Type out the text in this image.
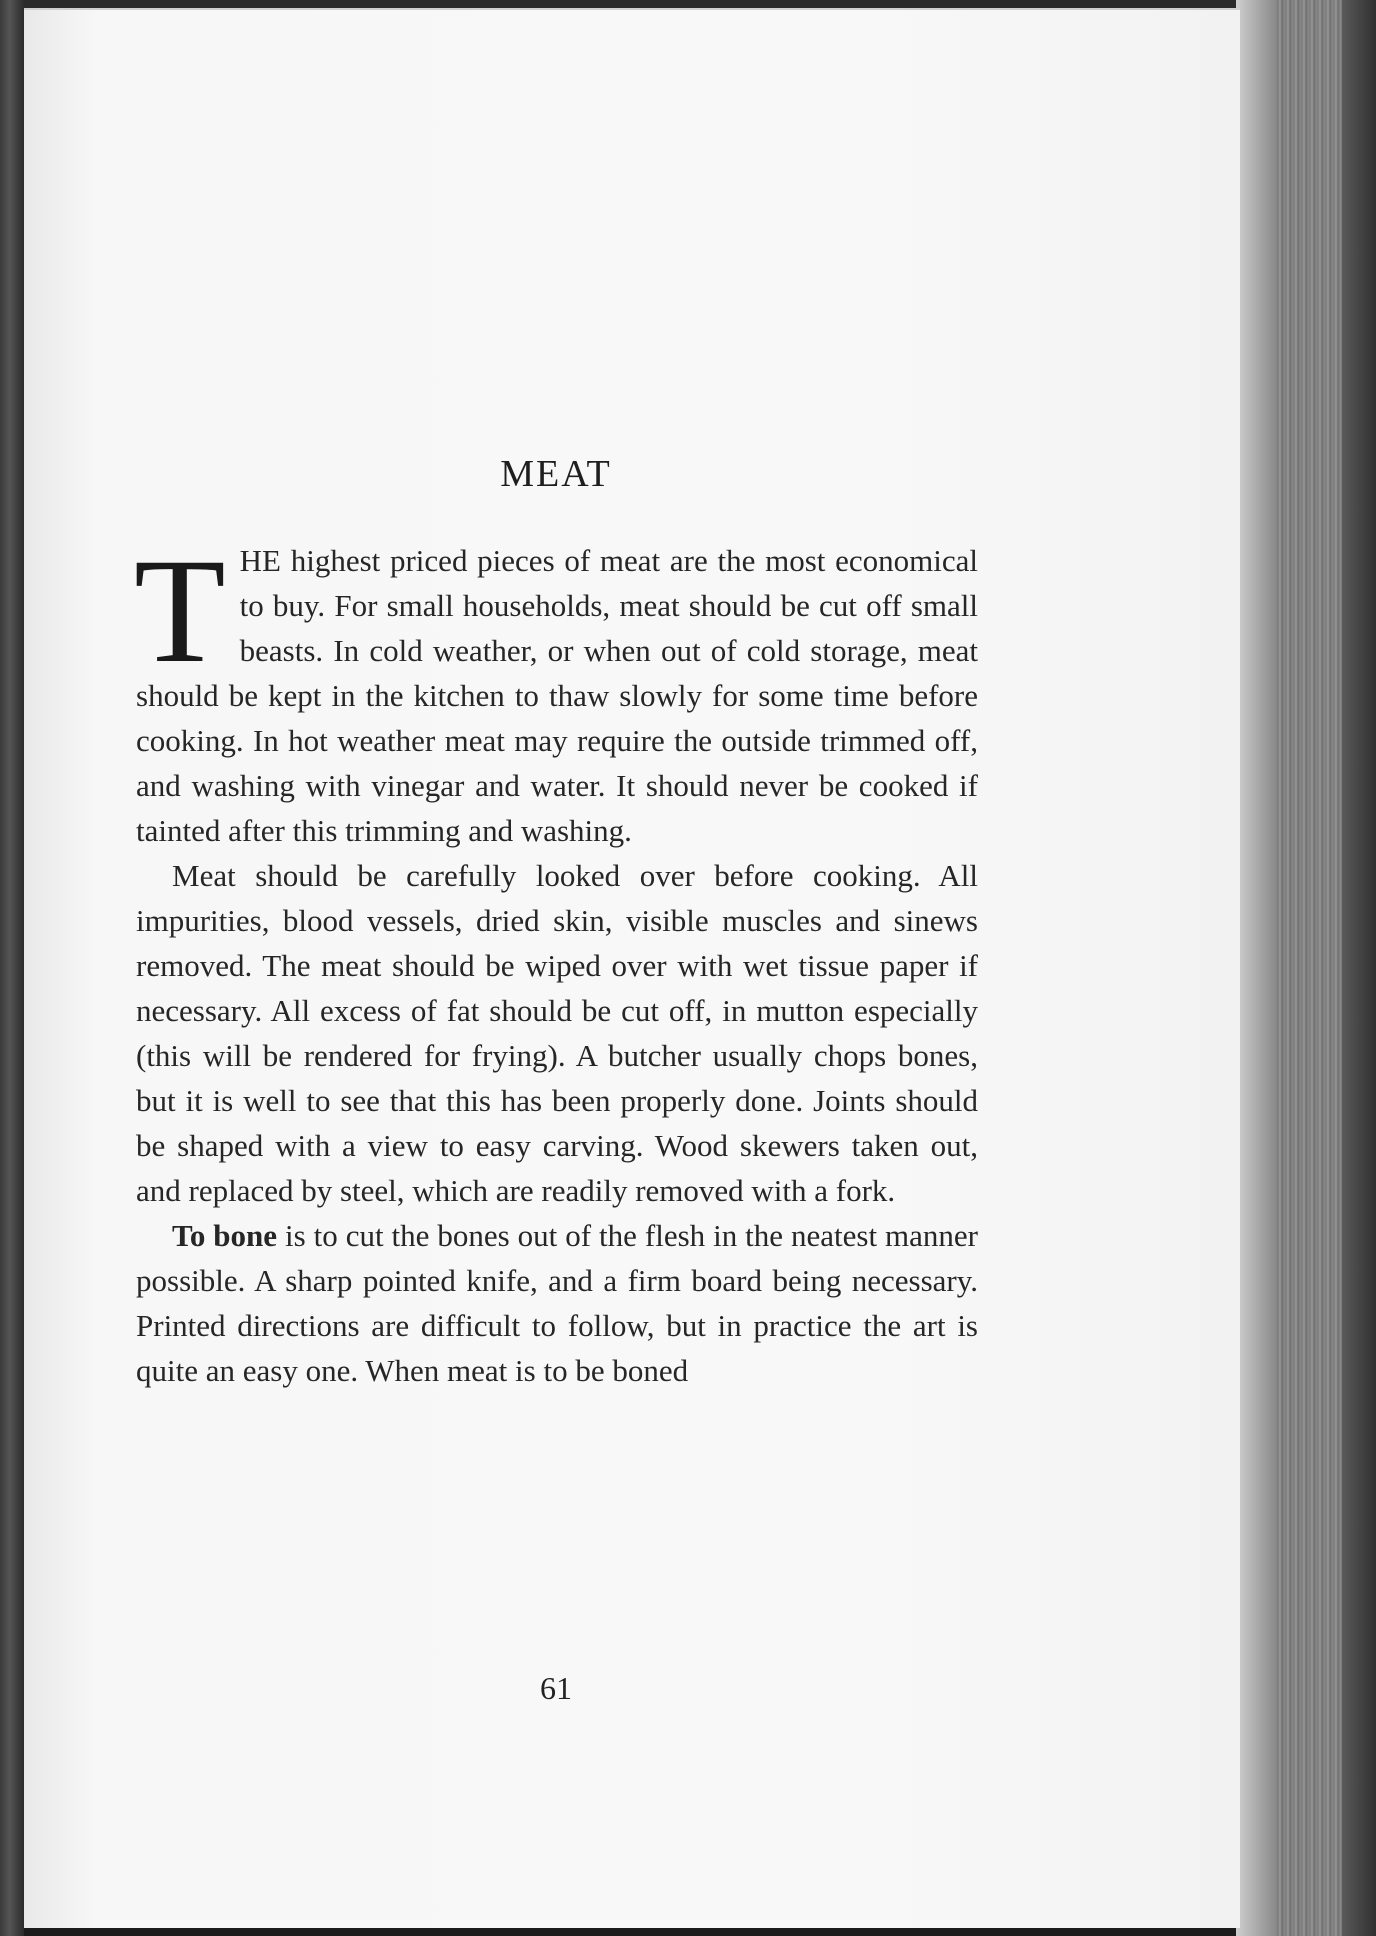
MEAT

THE highest priced pieces of meat are the most economical to buy. For small households, meat should be cut off small beasts. In cold weather, or when out of cold storage, meat should be kept in the kitchen to thaw slowly for some time before cooking. In hot weather meat may require the outside trimmed off, and washing with vinegar and water. It should never be cooked if tainted after this trimming and washing.

Meat should be carefully looked over before cooking. All impurities, blood vessels, dried skin, visible muscles and sinews removed. The meat should be wiped over with wet tissue paper if necessary. All excess of fat should be cut off, in mutton especially (this will be rendered for frying). A butcher usually chops bones, but it is well to see that this has been properly done. Joints should be shaped with a view to easy carving. Wood skewers taken out, and replaced by steel, which are readily removed with a fork.

To bone is to cut the bones out of the flesh in the neatest manner possible. A sharp pointed knife, and a firm board being necessary. Printed directions are difficult to follow, but in practice the art is quite an easy one. When meat is to be boned

61
